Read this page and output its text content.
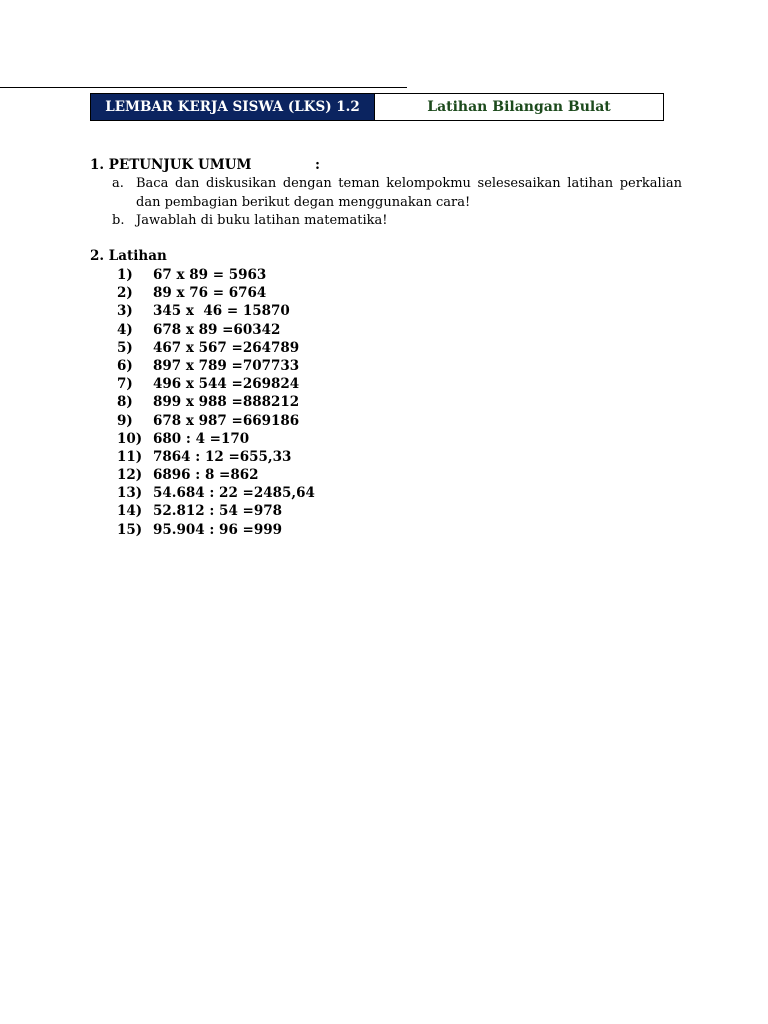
LEMBAR KERJA SISWA (LKS) 1.2	Latihan Bilangan Bulat
1. PETUNJUK UMUM	:
a. Baca dan diskusikan dengan teman kelompokmu selesesaikan latihan perkalian dan pembagian berikut degan menggunakan cara!
b. Jawablah di buku latihan matematika!
2. Latihan
1) 67 x 89 = 5963
2) 89 x 76 = 6764
3) 345 x  46 = 15870
4) 678 x 89 =60342
5) 467 x 567 =264789
6) 897 x 789 =707733
7) 496 x 544 =269824
8) 899 x 988 =888212
9) 678 x 987 =669186
10) 680 : 4 =170
11) 7864 : 12 =655,33
12) 6896 : 8 =862
13) 54.684 : 22 =2485,64
14) 52.812 : 54 =978
15) 95.904 : 96 =999
